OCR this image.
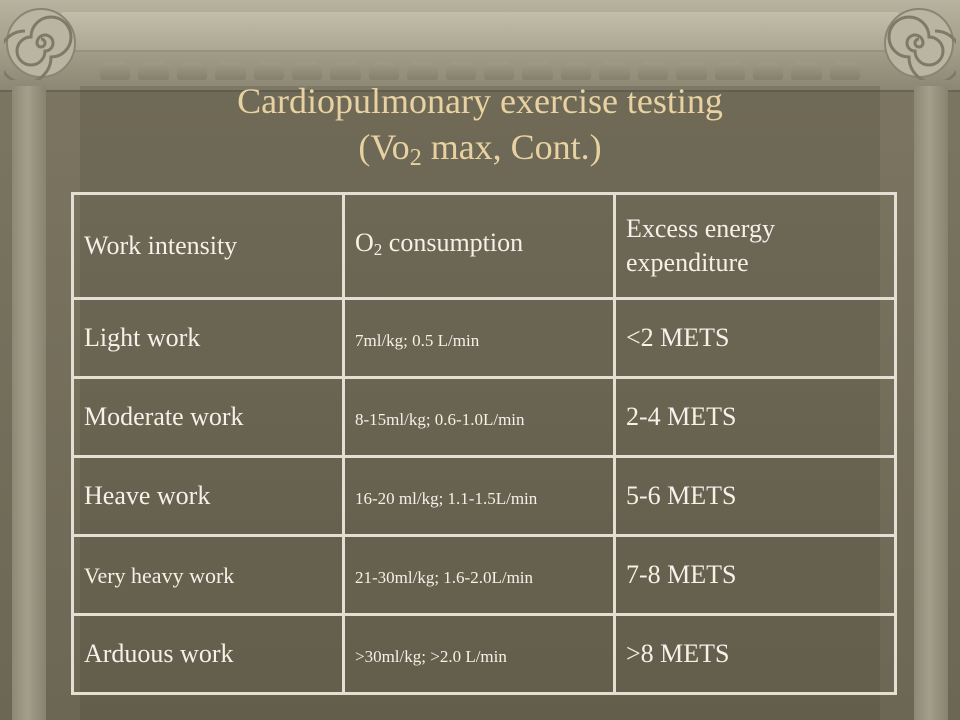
Cardiopulmonary exercise testing
($Vo_2$ max, Cont.)
Work intensity	$O_2$ consumption	Excess energy expenditure
Light work	7ml/kg; 0.5 L/min	<2 METS
Moderate work	8-15ml/kg; 0.6-1.0L/min	2-4 METS
Heave work	16-20 ml/kg; 1.1-1.5L/min	5-6 METS
Very heavy work	21-30ml/kg; 1.6-2.0L/min	7-8 METS
Arduous work	>30ml/kg; >2.0 L/min	>8 METS
